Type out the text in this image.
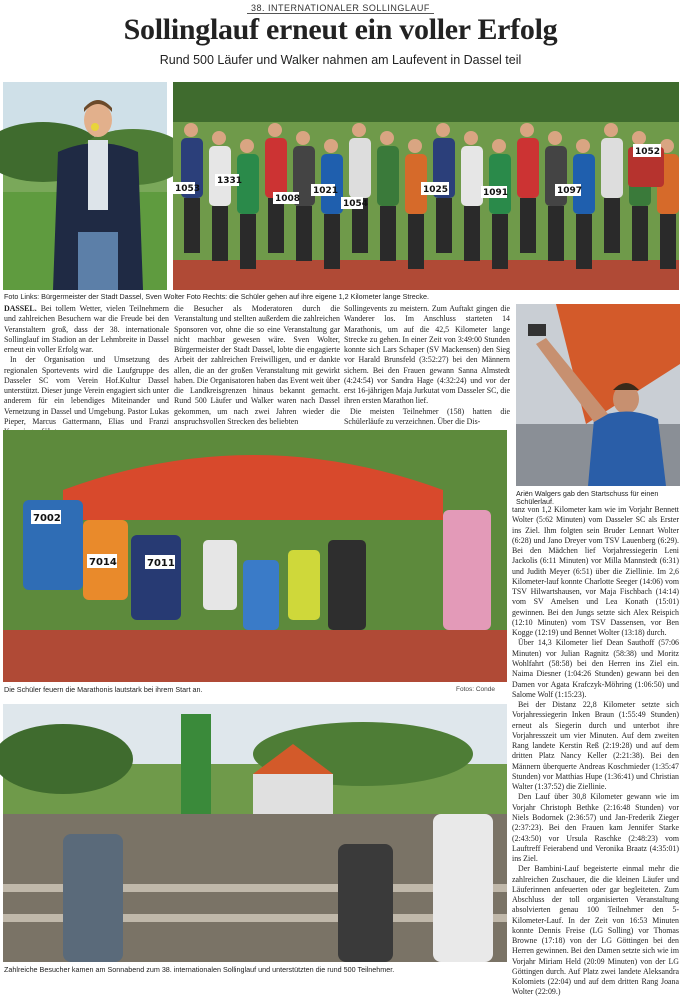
38. INTERNATIONALER SOLLINGLAUF
Sollinglauf erneut ein voller Erfolg
Rund 500 Läufer und Walker nahmen am Laufevent in Dassel teil
1053
1331
1008
1021
1054
1025	1091	1097
1052
Foto Links: Bürgermeister der Stadt Dassel, Sven Wolter Foto Rechts: die Schüler gehen auf ihre eigene 1,2 Kilometer lange Strecke.

DASSEL. Bei tollem Wetter, vielen Teilnehmern und zahlreichen Besuchern war die Freude bei den Veranstaltern groß, dass der 38. internationale Sollinglauf im Stadion an der Lehmbreite in Dassel erneut ein voller Erfolg war.

In der Organisation und Umsetzung des regionalen Sportevents wird die Laufgruppe des Dasseler SC vom Verein Hof.Kultur Dassel unterstützt. Dieser junge Verein engagiert sich unter anderem für ein lebendiges Miteinander und Vernetzung in Dassel und Umgebung. Pastor Lukas Pieper, Marcus Gattermann, Elias und Franzi

die Besucher als Moderatoren durch die Veranstaltung und stellten außerdem die zahlreichen Sponsoren vor, ohne die so eine Veranstaltung gar nicht machbar gewesen wäre. Sven Wolter, Bürgermeister der Stadt Dassel, lobte die engagierte Arbeit der zahlreichen Freiwilligen, und er dankte allen, die an der großen Veranstaltung mit gewirkt haben. Die Organisatoren haben das Event weit über die Landkreisgrenzen hinaus bekannt gemacht. Rund 500 Läufer und Walker waren nach Dassel gekommen, um nach zwei Jahren wieder die anspruchsvollen Strecken des beliebten

Sollingevents zu meistern. Zum Auftakt gingen die Wanderer los. Im Anschluss starteten 14 Marathonis, um auf die 42,5 Kilometer lange Strecke zu gehen. In einer Zeit von 3:49:00 Stunden konnte sich Lars Schaper (SV Mackensen) den Sieg vor Harald Brunsfeld (3:52:27) bei den Männern sichern. Bei den Frauen gewann Sanna Almstedt (4:24:54) vor Sandra Hage (4:32:24) und vor der erst 16-jährigen Maja Jurkutat vom Dasseler SC, die ihren ersten Marathon lief.

Die meisten Teilnehmer (158) hatten die Schülerläufe zu verzeichnen. Über die Dis-

Ariën Walgers gab den Startschuss für einen Schülerlauf.
7002
7014	7011
Die Schüler feuern die Marathonis lautstark bei ihrem Start an.	Fotos: Conde
Zahlreiche Besucher kamen am Sonnabend zum 38. internationalen Sollinglauf und unterstützten die rund 500 Teilnehmer.

tanz von 1,2 Kilometer kam wie im Vorjahr Bennett Wolter (5:62 Minuten) vom Dasseler SC als Erster ins Ziel. Ihm folgten sein Bruder Lennart Wolter (6:28) und Jano Dreyer vom TSV Lauenberg (6:29). Bei den Mädchen lief Vorjahressiegerin Leni Jackolis (6:11 Minuten) vor Milla Mannstedt (6:31) und Judith Meyer (6:51) über die Ziellinie. Im 2,6 Kilometer-lauf konnte Charlotte Seeger (14:06) vom TSV Hilwartshausen, vor Maja Fischbach (14:14) vom SV Amelsen und Lea Konath (15:01) gewinnen. Bei den Jungs setzte sich Alex Reispich (12:10 Minuten) vom TSV Dassensen, vor Ben Kogge (12:19) und Bennet Wolter (13:18) durch.

Über 14,3 Kilometer lief Dean Sauthoff (57:06 Minuten) vor Julian Ragnitz (58:38) und Moritz Wohlfahrt (58:58) bei den Herren ins Ziel ein. Naima Diesner (1:04:26 Stunden) gewann bei den Damen vor Agata Krafczyk-Möhring (1:06:50) und Salome Wolf (1:15:23).

Bei der Distanz 22,8 Kilometer setzte sich Vorjahressiegerin Inken Braun (1:55:49 Stunden) erneut als Siegerin durch und unterbot ihre Vorjahresszeit um vier Minuten. Auf dem zweiten Rang landete Kerstin Reß (2:19:28) und auf dem dritten Platz Nancy Keller (2:21:38). Bei den Männern überquerte Andreas Koschmieder (1:35:47 Stunden) vor Matthias Hupe (1:36:41) und Christian Walter (1:37:52) die Ziellinie.

Den Lauf über 30,8 Kilometer gewann wie im Vorjahr Christoph Bethke (2:16:48 Stunden) vor Niels Bodornek (2:36:57) und Jan-Frederik Zieger (2:37:23). Bei den Frauen kam Jennifer Starke (2:43:50) vor Ursula Raschke (2:48:23) vom Lauftreff Feierabend und Veronika Braatz (4:35:01) ins Ziel.

Der Bambini-Lauf begeisterte einmal mehr die zahlreichen Zuschauer, die die kleinen Läufer und Läuferinnen anfeuerten oder gar begleiteten. Zum Abschluss der toll organisierten Veranstaltung absolvierten genau 100 Teilnehmer den 5-Kilometer-Lauf. In der Zeit von 16:53 Minuten konnte Dennis Freise (LG Solling) vor Thomas Browne (17:18) von der LG Göttingen bei den Herren gewinnen. Bei den Damen setzte sich wie im Vorjahr Miriam Held (20:09 Minuten) von der LG Göttingen durch. Auf Platz zwei landete Aleksandra Kolomiets (22:04) und auf dem dritten Rang Joana Wolter (22:09.)
